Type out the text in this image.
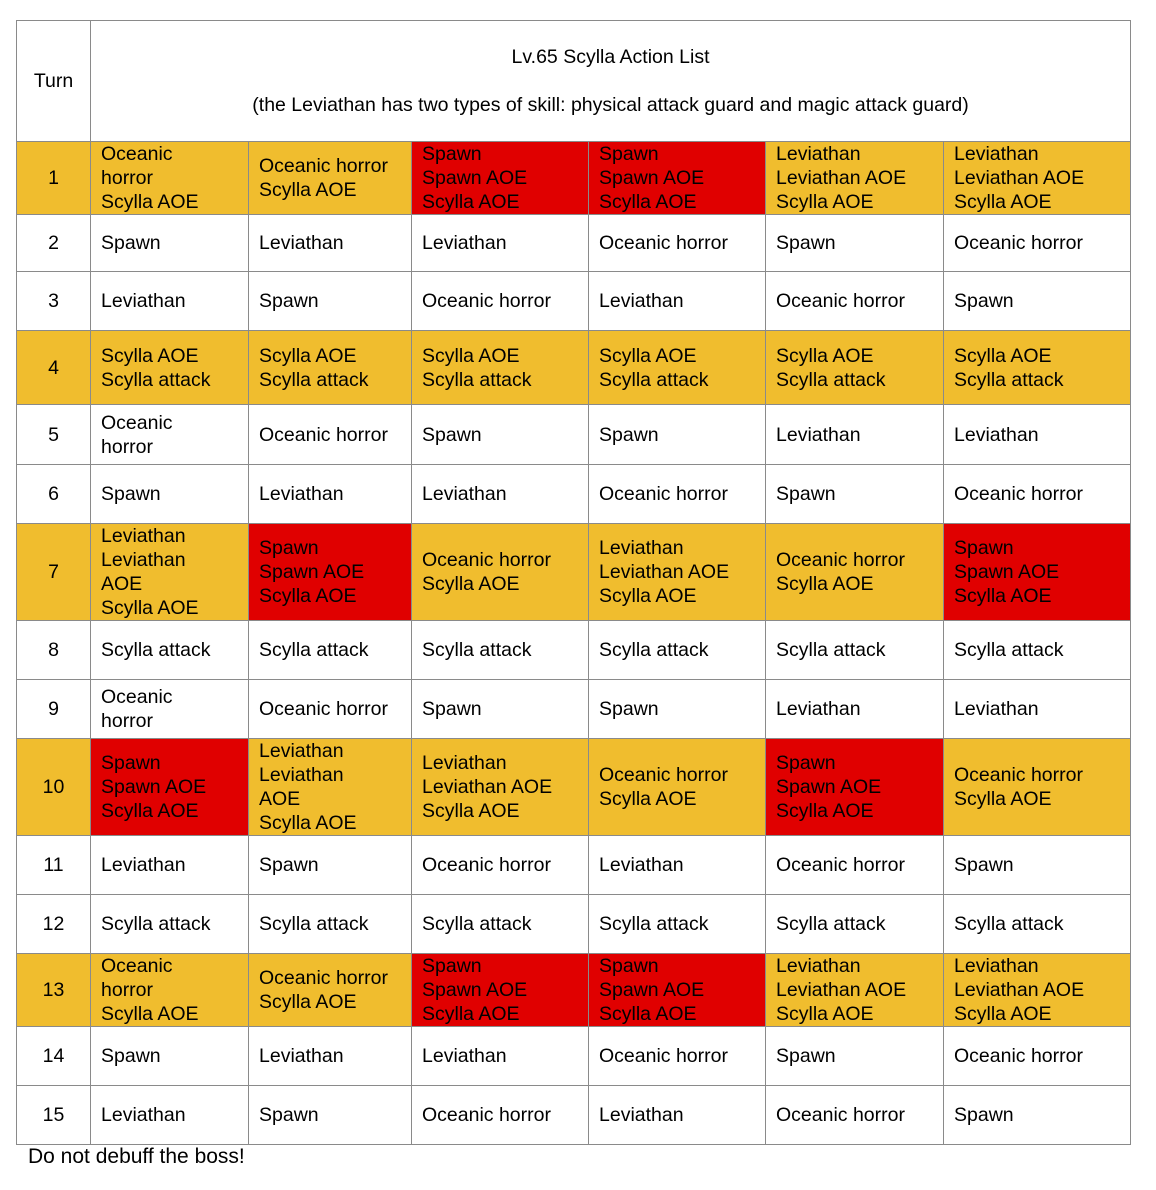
Turn	Lv.65 Scylla Action List

(the Leviathan has two types of skill: physical attack guard and magic attack guard)					

1	Oceanic
horror
Scylla AOE	Oceanic horror
Scylla AOE	Spawn
Spawn AOE
Scylla AOE	Spawn
Spawn AOE
Scylla AOE	Leviathan
Leviathan AOE
Scylla AOE	Leviathan
Leviathan AOE
Scylla AOE
2	Spawn	Leviathan	Leviathan	Oceanic horror	Spawn	Oceanic horror
3	Leviathan	Spawn	Oceanic horror	Leviathan	Oceanic horror	Spawn
4	Scylla AOE
Scylla attack	Scylla AOE
Scylla attack	Scylla AOE
Scylla attack	Scylla AOE
Scylla attack	Scylla AOE
Scylla attack	Scylla AOE
Scylla attack
5	Oceanic
horror	Oceanic horror	Spawn	Spawn	Leviathan	Leviathan
6	Spawn	Leviathan	Leviathan	Oceanic horror	Spawn	Oceanic horror
7	Leviathan
Leviathan
AOE
Scylla AOE	Spawn
Spawn AOE
Scylla AOE	Oceanic horror
Scylla AOE	Leviathan
Leviathan AOE
Scylla AOE	Oceanic horror
Scylla AOE	Spawn
Spawn AOE
Scylla AOE
8	Scylla attack	Scylla attack	Scylla attack	Scylla attack	Scylla attack	Scylla attack
9	Oceanic
horror	Oceanic horror	Spawn	Spawn	Leviathan	Leviathan
10	Spawn
Spawn AOE
Scylla AOE	Leviathan
Leviathan
AOE
Scylla AOE	Leviathan
Leviathan AOE
Scylla AOE	Oceanic horror
Scylla AOE	Spawn
Spawn AOE
Scylla AOE	Oceanic horror
Scylla AOE
11	Leviathan	Spawn	Oceanic horror	Leviathan	Oceanic horror	Spawn
12	Scylla attack	Scylla attack	Scylla attack	Scylla attack	Scylla attack	Scylla attack
13	Oceanic
horror
Scylla AOE	Oceanic horror
Scylla AOE	Spawn
Spawn AOE
Scylla AOE	Spawn
Spawn AOE
Scylla AOE	Leviathan
Leviathan AOE
Scylla AOE	Leviathan
Leviathan AOE
Scylla AOE
14	Spawn	Leviathan	Leviathan	Oceanic horror	Spawn	Oceanic horror
15	Leviathan	Spawn	Oceanic horror	Leviathan	Oceanic horror	Spawn
Do not debuff the boss!
